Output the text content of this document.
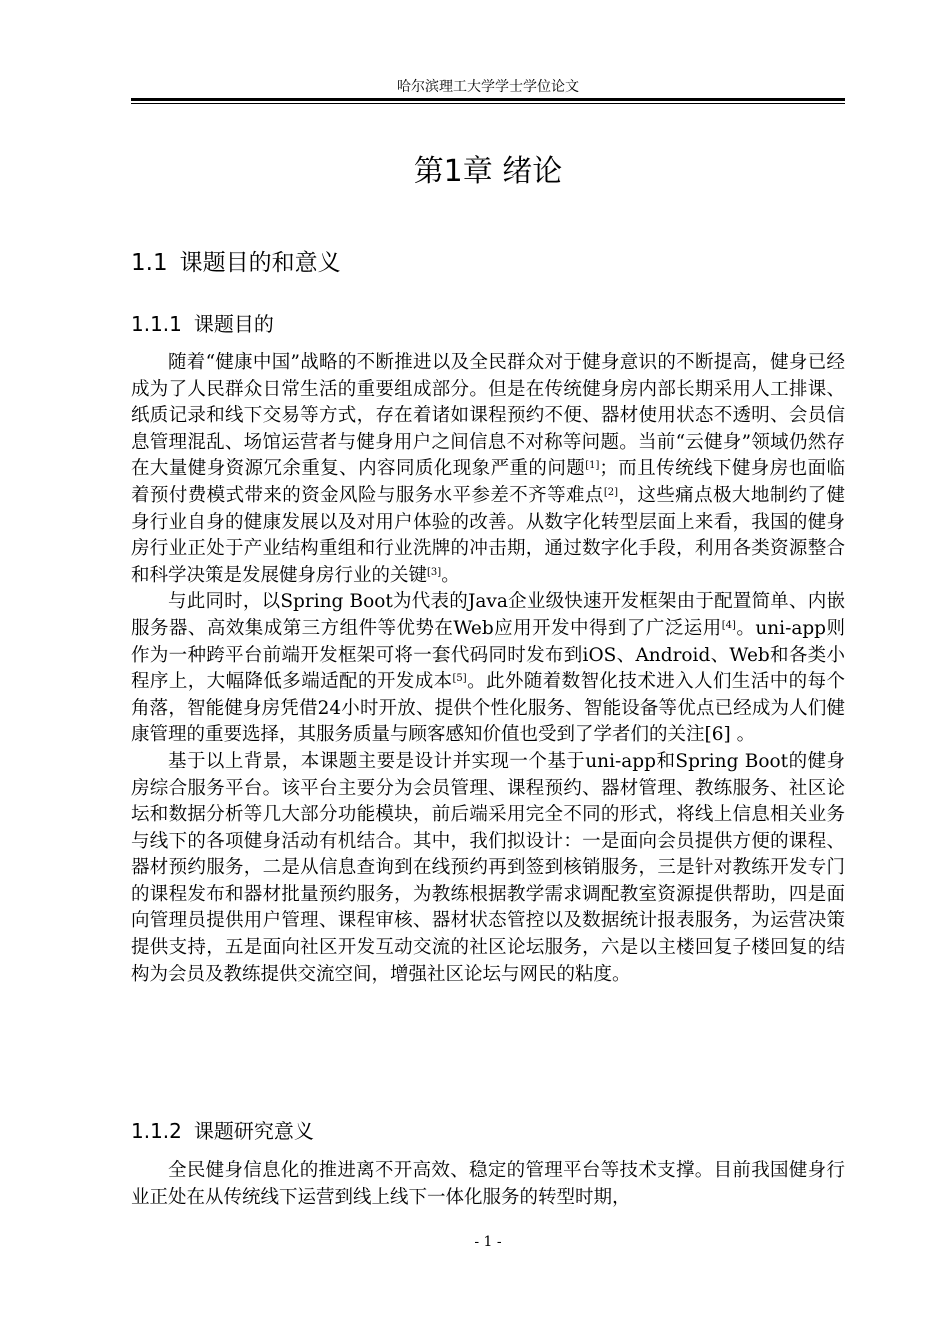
哈尔滨理工大学学士学位论文
第1章 绪论
1.1 课题目的和意义
1.1.1 课题目的

随着“健康中国”战略的不断推进以及全民群众对于健身意识的不断提高，健身已经成为了人民群众日常生活的重要组成部分。但是在传统健身房内部长期采用人工排课、纸质记录和线下交易等方式，存在着诸如课程预约不便、器材使用状态不透明、会员信息管理混乱、场馆运营者与健身用户之间信息不对称等问题。当前“云健身”领域仍然存在大量健身资源冗余重复、内容同质化现象严重的问题[1]；而且传统线下健身房也面临着预付费模式带来的资金风险与服务水平参差不齐等难点[2]，这些痛点极大地制约了健身行业自身的健康发展以及对用户体验的改善。从数字化转型层面上来看，我国的健身房行业正处于产业结构重组和行业洗牌的冲击期，通过数字化手段，利用各类资源整合和科学决策是发展健身房行业的关键[3]。

与此同时，以Spring Boot为代表的Java企业级快速开发框架由于配置简单、内嵌服务器、高效集成第三方组件等优势在Web应用开发中得到了广泛运用[4]。uni-app则作为一种跨平台前端开发框架可将一套代码同时发布到iOS、Android、Web和各类小程序上，大幅降低多端适配的开发成本[5]。此外随着数智化技术进入人们生活中的每个角落，智能健身房凭借24小时开放、提供个性化服务、智能设备等优点已经成为人们健康管理的重要选择，其服务质量与顾客感知价值也受到了学者们的关注[6] 。

基于以上背景，本课题主要是设计并实现一个基于uni-app和Spring Boot的健身房综合服务平台。该平台主要分为会员管理、课程预约、器材管理、教练服务、社区论坛和数据分析等几大部分功能模块，前后端采用完全不同的形式，将线上信息相关业务与线下的各项健身活动有机结合。其中，我们拟设计：一是面向会员提供方便的课程、器材预约服务，二是从信息查询到在线预约再到签到核销服务，三是针对教练开发专门的课程发布和器材批量预约服务，为教练根据教学需求调配教室资源提供帮助，四是面向管理员提供用户管理、课程审核、器材状态管控以及数据统计报表服务，为运营决策提供支持，五是面向社区开发互动交流的社区论坛服务，六是以主楼回复子楼回复的结构为会员及教练提供交流空间，增强社区论坛与网民的粘度。

1.1.2 课题研究意义

全民健身信息化的推进离不开高效、稳定的管理平台等技术支撑。目前我国健身行业正处在从传统线下运营到线上线下一体化服务的转型时期，

- 1 -
